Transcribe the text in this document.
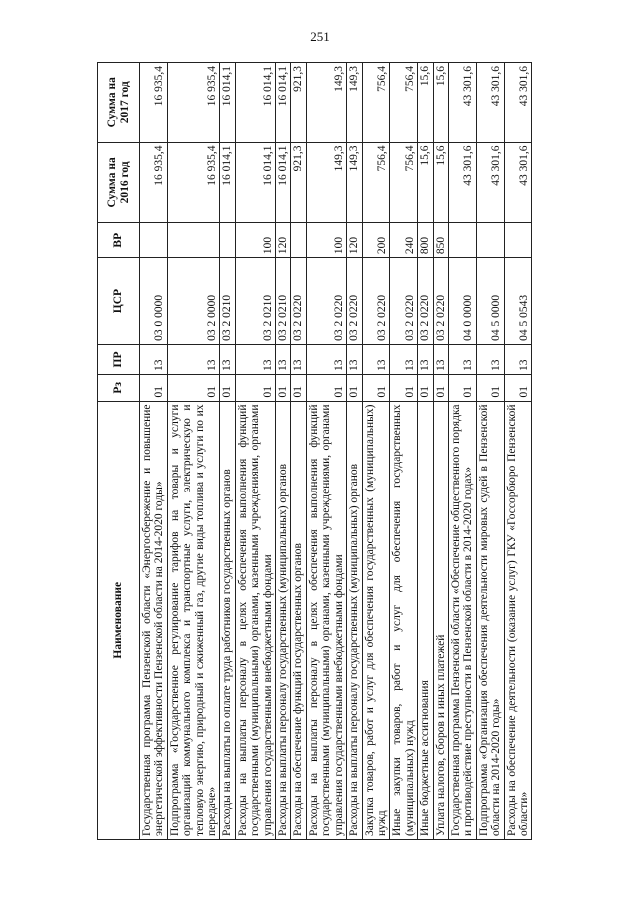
251
Наименование	Рз	ПР	ЦСР	ВР	Сумма на 2016 год	Сумма на 2017 год
Государственная программа Пензенской области «Энергосбережение и повышение энергетической эффективности Пензенской области на 2014-2020 годы»	01	13	03 0 0000		16 935,4	16 935,4
Подпрограмма «Государственное регулирование тарифов на товары и услуги организаций коммунального комплекса и транспортные услуги, электрическую и тепловую энергию, природный и сжиженный газ, другие виды топлива и услуги по их передаче»	01	13	03 2 0000		16 935,4	16 935,4
Расходы на выплаты по оплате труда работников государственных органов	01	13	03 2 0210		16 014,1	16 014,1
Расходы на выплаты персоналу в целях обеспечения выполнения функций государственными (муниципальными) органами, казенными учреждениями, органами управления государственными внебюджетными фондами	01	13	03 2 0210	100	16 014,1	16 014,1
Расходы на выплаты персоналу государственных (муниципальных) органов	01	13	03 2 0210	120	16 014,1	16 014,1
Расходы на обеспечение функций государственных органов	01	13	03 2 0220		921,3	921,3
Расходы на выплаты персоналу в целях обеспечения выполнения функций государственными (муниципальными) органами, казенными учреждениями, органами управления государственными внебюджетными фондами	01	13	03 2 0220	100	149,3	149,3
Расходы на выплаты персоналу государственных (муниципальных) органов	01	13	03 2 0220	120	149,3	149,3
Закупка товаров, работ и услуг для обеспечения государственных (муниципальных) нужд	01	13	03 2 0220	200	756,4	756,4
Иные закупки товаров, работ и услуг для обеспечения государственных (муниципальных) нужд	01	13	03 2 0220	240	756,4	756,4
Иные бюджетные ассигнования	01	13	03 2 0220	800	15,6	15,6
Уплата налогов, сборов и иных платежей	01	13	03 2 0220	850	15,6	15,6
Государственная программа Пензенской области «Обеспечение общественного порядка и противодействие преступности в Пензенской области в 2014-2020 годах»	01	13	04 0 0000		43 301,6	43 301,6
Подпрограмма «Организация обеспечения деятельности мировых судей в Пензенской области на 2014-2020 годы»	01	13	04 5 0000		43 301,6	43 301,6
Расходы на обеспечение деятельности (оказание услуг) ГКУ «Госсорбюро Пензенской области»	01	13	04 5 0543		43 301,6	43 301,6
